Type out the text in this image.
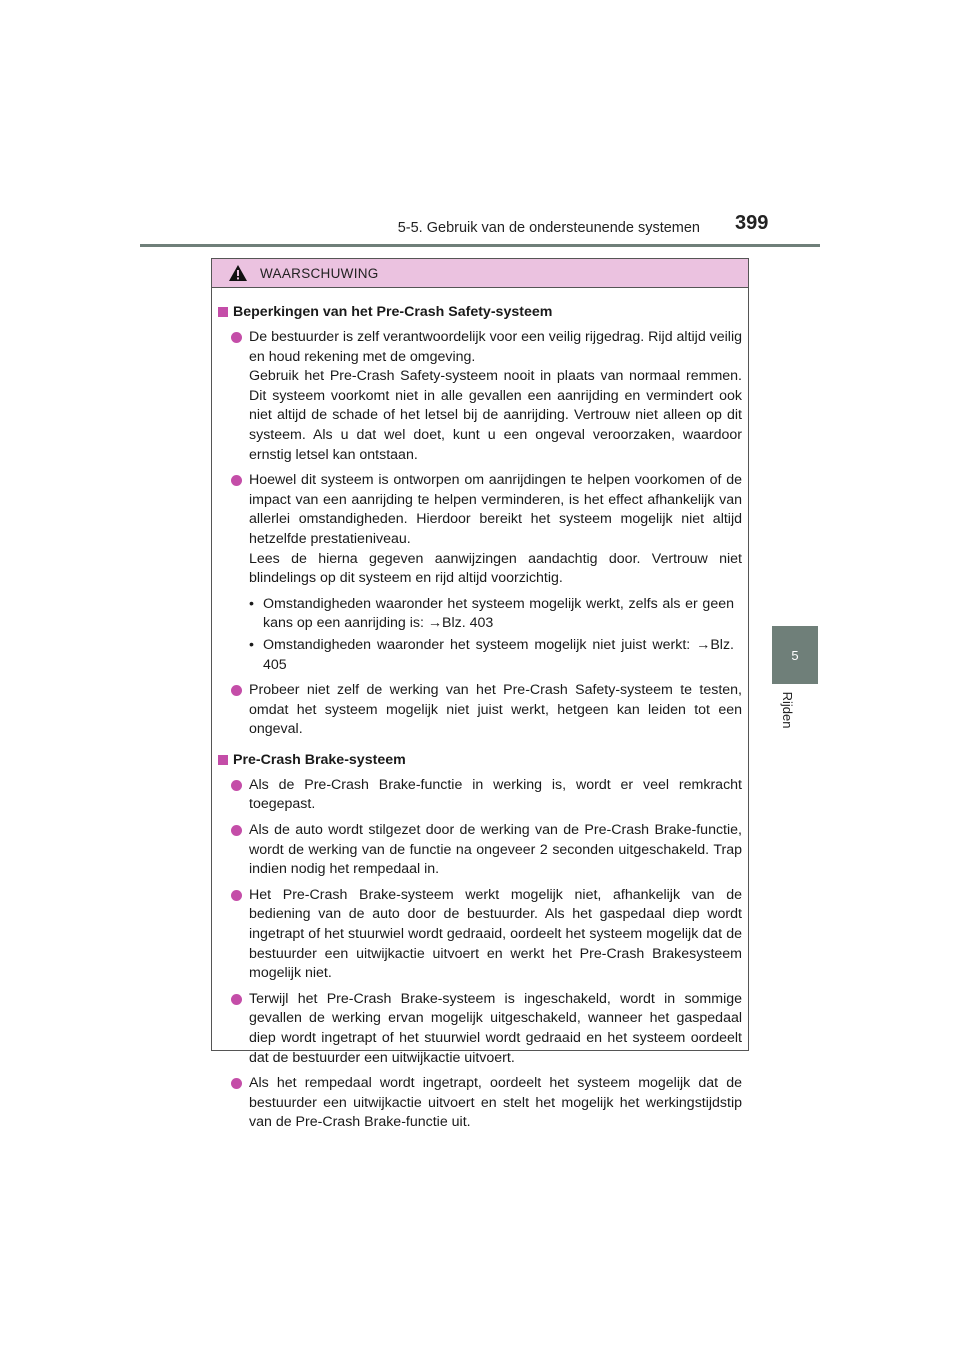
5-5. Gebruik van de ondersteunende systemen 399
5
Rijden
WAARSCHUWING
Beperkingen van het Pre-Crash Safety-systeem

De bestuurder is zelf verantwoordelijk voor een veilig rijgedrag. Rijd altijd veilig en houd rekening met de omgeving.

Gebruik het Pre-Crash Safety-systeem nooit in plaats van normaal remmen. Dit systeem voorkomt niet in alle gevallen een aanrijding en vermindert ook niet altijd de schade of het letsel bij de aanrijding. Vertrouw niet alleen op dit systeem. Als u dat wel doet, kunt u een ongeval veroorzaken, waardoor ernstig letsel kan ontstaan.

Hoewel dit systeem is ontworpen om aanrijdingen te helpen voorkomen of de impact van een aanrijding te helpen verminderen, is het effect afhankelijk van allerlei omstandigheden. Hierdoor bereikt het systeem mogelijk niet altijd hetzelfde prestatieniveau.

Lees de hierna gegeven aanwijzingen aandachtig door. Vertrouw niet blindelings op dit systeem en rijd altijd voorzichtig.

• Omstandigheden waaronder het systeem mogelijk werkt, zelfs als er geen kans op een aanrijding is: →Blz. 403

• Omstandigheden waaronder het systeem mogelijk niet juist werkt: →Blz. 405

Probeer niet zelf de werking van het Pre-Crash Safety-systeem te testen, omdat het systeem mogelijk niet juist werkt, hetgeen kan leiden tot een ongeval.

Pre-Crash Brake-systeem

Als de Pre-Crash Brake-functie in werking is, wordt er veel remkracht toegepast.

Als de auto wordt stilgezet door de werking van de Pre-Crash Brake-functie, wordt de werking van de functie na ongeveer 2 seconden uitgeschakeld. Trap indien nodig het rempedaal in.

Het Pre-Crash Brake-systeem werkt mogelijk niet, afhankelijk van de bediening van de auto door de bestuurder. Als het gaspedaal diep wordt ingetrapt of het stuurwiel wordt gedraaid, oordeelt het systeem mogelijk dat de bestuurder een uitwijkactie uitvoert en werkt het Pre-Crash Brakesysteem mogelijk niet.

Terwijl het Pre-Crash Brake-systeem is ingeschakeld, wordt in sommige gevallen de werking ervan mogelijk uitgeschakeld, wanneer het gaspedaal diep wordt ingetrapt of het stuurwiel wordt gedraaid en het systeem oordeelt dat de bestuurder een uitwijkactie uitvoert.

Als het rempedaal wordt ingetrapt, oordeelt het systeem mogelijk dat de bestuurder een uitwijkactie uitvoert en stelt het mogelijk het werkingstijdstip van de Pre-Crash Brake-functie uit.
